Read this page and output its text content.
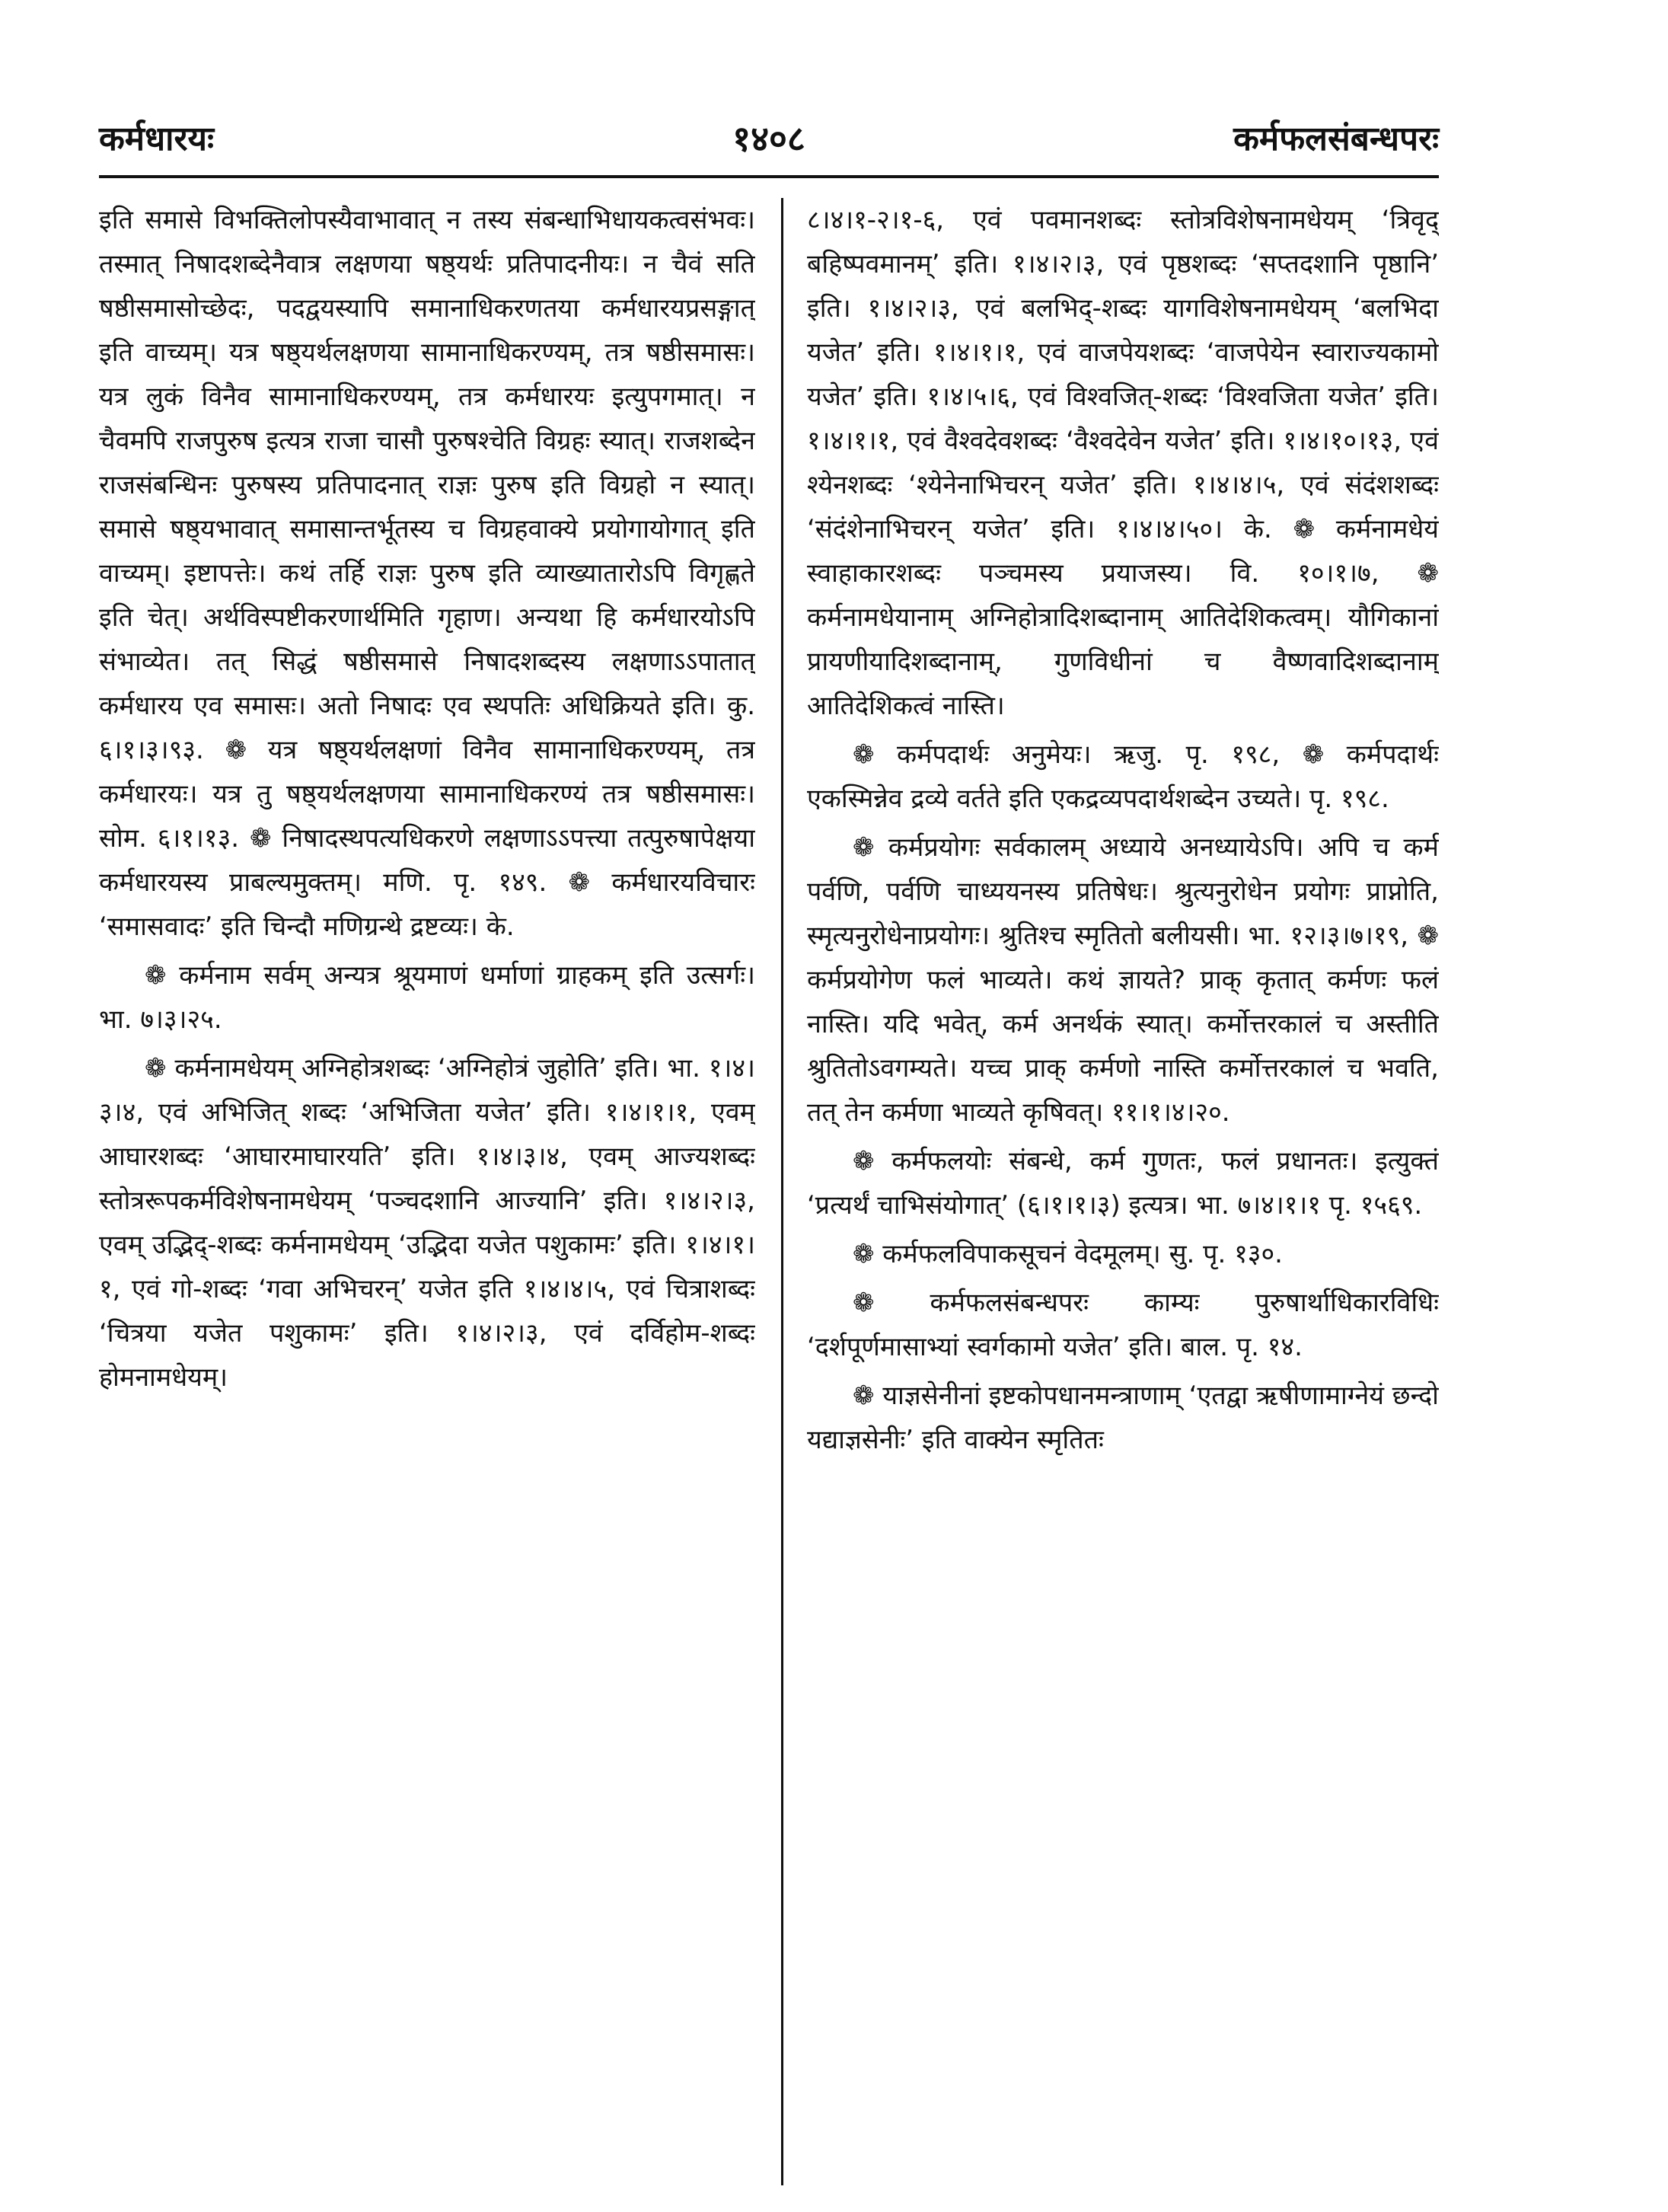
१४०८
कर्मधारयः	कर्मफलसंबन्धपरः

इति समासे विभक्तिलोपस्यैवाभावात् न तस्य संबन्धाभिधायकत्वसंभवः। तस्मात् निषादशब्देनैवात्र लक्षणया षष्ठ्यर्थः प्रतिपादनीयः। न चैवं सति षष्ठीसमासोच्छेदः, पदद्वयस्यापि समानाधिकरणतया कर्मधारयप्रसङ्गात् इति वाच्यम्। यत्र षष्ठ्यर्थलक्षणया सामानाधिकरण्यम्, तत्र षष्ठीसमासः। यत्र लुकं विनैव सामानाधिकरण्यम्, तत्र कर्मधारयः इत्युपगमात्। न चैवमपि राजपुरुष इत्यत्र राजा चासौ पुरुषश्चेति विग्रहः स्यात्। राजशब्देन राजसंबन्धिनः पुरुषस्य प्रतिपादनात् राज्ञः पुरुष इति विग्रहो न स्यात्। समासे षष्ठ्यभावात् समासान्तर्भूतस्य च विग्रहवाक्ये प्रयोगायोगात् इति वाच्यम्। इष्टापत्तेः। कथं तर्हि राज्ञः पुरुष इति व्याख्यातारोऽपि विगृह्णते इति चेत्। अर्थविस्पष्टीकरणार्थमिति गृहाण। अन्यथा हि कर्मधारयोऽपि संभाव्येत। तत् सिद्धं षष्ठीसमासे निषादशब्दस्य लक्षणाऽऽपातात् कर्मधारय एव समासः। अतो निषादः एव स्थपतिः अधिक्रियते इति। कु. ६।१।३।९३. ❁ यत्र षष्ठ्यर्थलक्षणां विनैव सामानाधिकरण्यम्, तत्र कर्मधारयः। यत्र तु षष्ठ्यर्थलक्षणया सामानाधिकरण्यं तत्र षष्ठीसमासः। सोम. ६।१।१३. ❁ निषादस्थपत्यधिकरणे लक्षणाऽऽपत्त्या तत्पुरुषापेक्षया कर्मधारयस्य प्राबल्यमुक्तम्। मणि. पृ. १४९. ❁ कर्मधारयविचारः ‘समासवादः’ इति चिन्दौ मणिग्रन्थे द्रष्टव्यः। के.

❁ कर्मनाम सर्वम् अन्यत्र श्रूयमाणं धर्माणां ग्राहकम् इति उत्सर्गः। भा. ७।३।२५.

❁ कर्मनामधेयम् अग्निहोत्रशब्दः ‘अग्निहोत्रं जुहोति’ इति। भा. १।४।३।४, एवं अभिजित् शब्दः ‘अभिजिता यजेत’ इति। १।४।१।१, एवम् आघारशब्दः ‘आघारमाघारयति’ इति। १।४।३।४, एवम् आज्यशब्दः स्तोत्ररूपकर्मविशेषनामधेयम् ‘पञ्चदशानि आज्यानि’ इति। १।४।२।३, एवम् उद्भिद्-शब्दः कर्मनामधेयम् ‘उद्भिदा यजेत पशुकामः’ इति। १।४।१।१, एवं गो-शब्दः ‘गवा अभिचरन्’ यजेत इति १।४।४।५, एवं चित्राशब्दः ‘चित्रया यजेत पशुकामः’ इति। १।४।२।३, एवं दर्विहोम-शब्दः होमनामधेयम्।

८।४।१-२।१-६, एवं पवमानशब्दः स्तोत्रविशेषनामधेयम् ‘त्रिवृद् बहिष्पवमानम्’ इति। १।४।२।३, एवं पृष्ठशब्दः ‘सप्तदशानि पृष्ठानि’ इति। १।४।२।३, एवं बलभिद्-शब्दः यागविशेषनामधेयम् ‘बलभिदा यजेत’ इति। १।४।१।१, एवं वाजपेयशब्दः ‘वाजपेयेन स्वाराज्यकामो यजेत’ इति। १।४।५।६, एवं विश्वजित्-शब्दः ‘विश्वजिता यजेत’ इति। १।४।१।१, एवं वैश्वदेवशब्दः ‘वैश्वदेवेन यजेत’ इति। १।४।१०।१३, एवं श्येनशब्दः ‘श्येनेनाभिचरन् यजेत’ इति। १।४।४।५, एवं संदंशशब्दः ‘संदंशेनाभिचरन् यजेत’ इति। १।४।४।५०। के. ❁ कर्मनामधेयं स्वाहाकारशब्दः पञ्चमस्य प्रयाजस्य। वि. १०।१।७, ❁ कर्मनामधेयानाम् अग्निहोत्रादिशब्दानाम् आतिदेशिकत्वम्। यौगिकानां प्रायणीयादिशब्दानाम्, गुणविधीनां च वैष्णवादिशब्दानाम् आतिदेशिकत्वं नास्ति।

❁ कर्मपदार्थः अनुमेयः। ऋजु. पृ. १९८, ❁ कर्मपदार्थः एकस्मिन्नेव द्रव्ये वर्तते इति एकद्रव्यपदार्थशब्देन उच्यते। पृ. १९८.

❁ कर्मप्रयोगः सर्वकालम् अध्याये अनध्यायेऽपि। अपि च कर्म पर्वणि, पर्वणि चाध्ययनस्य प्रतिषेधः। श्रुत्यनुरोधेन प्रयोगः प्राप्नोति, स्मृत्यनुरोधेनाप्रयोगः। श्रुतिश्च स्मृतितो बलीयसी। भा. १२।३।७।१९, ❁ कर्मप्रयोगेण फलं भाव्यते। कथं ज्ञायते? प्राक् कृतात् कर्मणः फलं नास्ति। यदि भवेत्, कर्म अनर्थकं स्यात्। कर्मोत्तरकालं च अस्तीति श्रुतितोऽवगम्यते। यच्च प्राक् कर्मणो नास्ति कर्मोत्तरकालं च भवति, तत् तेन कर्मणा भाव्यते कृषिवत्। ११।१।४।२०.

❁ कर्मफलयोः संबन्धे, कर्म गुणतः, फलं प्रधानतः। इत्युक्तं ‘प्रत्यर्थं चाभिसंयोगात्’ (६।१।१।३) इत्यत्र। भा. ७।४।१।१ पृ. १५६९.

❁ कर्मफलविपाकसूचनं वेदमूलम्। सु. पृ. १३०.

❁ कर्मफलसंबन्धपरः काम्यः पुरुषार्थाधिकारविधिः ‘दर्शपूर्णमासाभ्यां स्वर्गकामो यजेत’ इति। बाल. पृ. १४.

❁ याज्ञसेनीनां इष्टकोपधानमन्त्राणाम् ‘एतद्वा ऋषीणामाग्नेयं छन्दो यद्याज्ञसेनीः’ इति वाक्येन स्मृतितः
